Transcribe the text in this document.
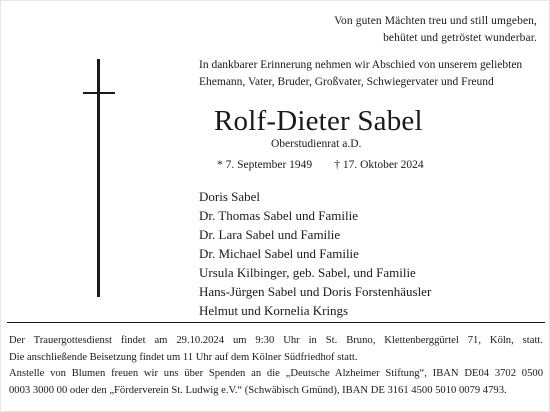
Von guten Mächten treu und still umgeben,
behütet und getröstet wunderbar.
In dankbarer Erinnerung nehmen wir Abschied von unserem geliebten
Ehemann, Vater, Bruder, Großvater, Schwiegervater und Freund
Rolf-Dieter Sabel
Oberstudienrat a.D.
* 7. September 1949 † 17. Oktober 2024
Doris Sabel
Dr. Thomas Sabel und Familie
Dr. Lara Sabel und Familie
Dr. Michael Sabel und Familie
Ursula Kilbinger, geb. Sabel, und Familie
Hans-Jürgen Sabel und Doris Forstenhäusler
Helmut und Kornelia Krings
Der Trauergottesdienst findet am 29.10.2024 um 9:30 Uhr in St. Bruno, Klettenberggürtel 71, Köln, statt.
Die anschließende Beisetzung findet um 11 Uhr auf dem Kölner Südfriedhof statt.
Anstelle von Blumen freuen wir uns über Spenden an die „Deutsche Alzheimer Stiftung“, IBAN DE04 3702 0500
0003 3000 00 oder den „Förderverein St. Ludwig e.V.“ (Schwäbisch Gmünd), IBAN DE 3161 4500 5010 0079 4793.
